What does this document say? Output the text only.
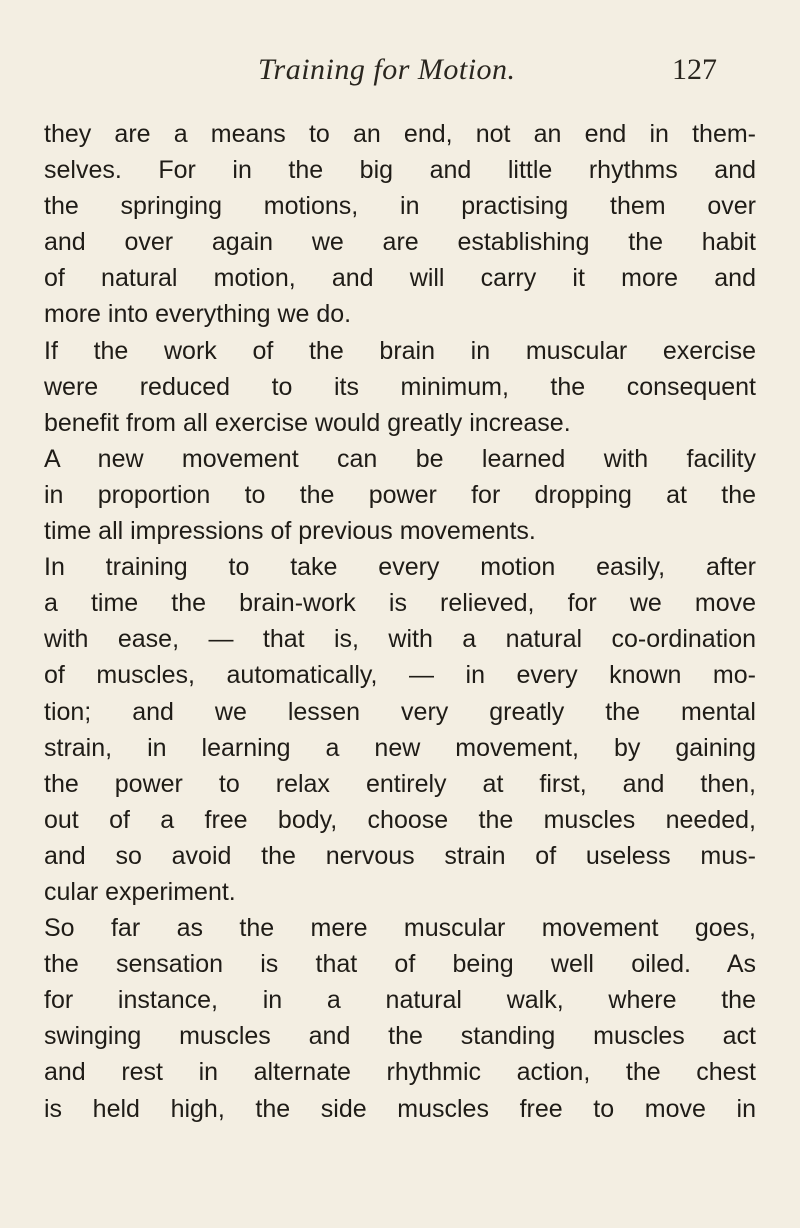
Training for Motion.	127
they are a means to an end, not an end in them-
selves. For in the big and little rhythms and
the springing motions, in practising them over
and over again we are establishing the habit
of natural motion, and will carry it more and
more into everything we do.
If the work of the brain in muscular exercise
were reduced to its minimum, the consequent
benefit from all exercise would greatly increase.
A new movement can be learned with facility
in proportion to the power for dropping at the
time all impressions of previous movements.
In training to take every motion easily, after
a time the brain-work is relieved, for we move
with ease, — that is, with a natural co-ordination
of muscles, automatically, — in every known mo-
tion; and we lessen very greatly the mental
strain, in learning a new movement, by gaining
the power to relax entirely at first, and then,
out of a free body, choose the muscles needed,
and so avoid the nervous strain of useless mus-
cular experiment.
So far as the mere muscular movement goes,
the sensation is that of being well oiled. As
for instance, in a natural walk, where the
swinging muscles and the standing muscles act
and rest in alternate rhythmic action, the chest
is held high, the side muscles free to move in
